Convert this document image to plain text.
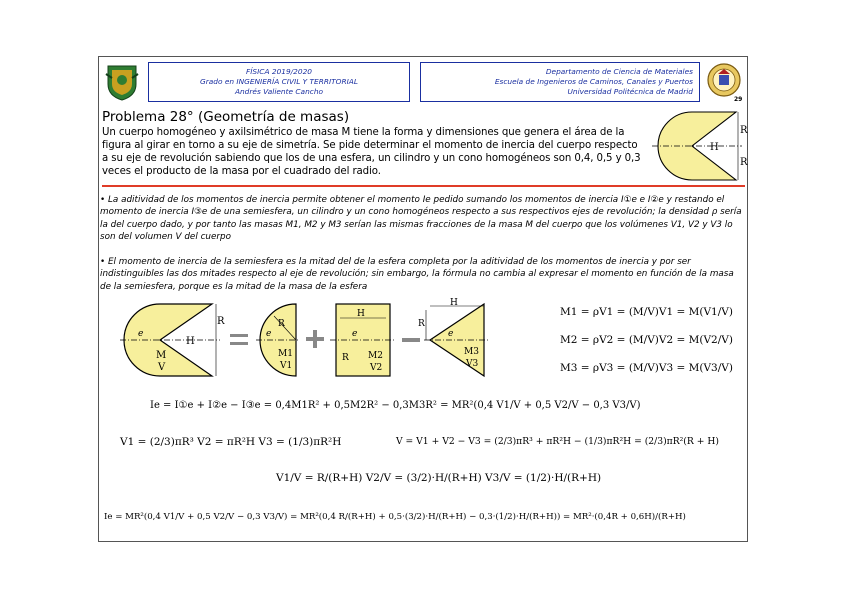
FÍSICA 2019/2020
Grado en INGENIERÍA CIVIL Y TERRITORIAL
Andrés Valiente Cancho
Departamento de Ciencia de Materiales
Escuela de Ingenieros de Caminos, Canales y Puertos
Universidad Politécnica de Madrid
29
Problema 28° (Geometría de masas)
Un cuerpo homogéneo y axilsimétrico de masa M tiene la forma y dimensiones que genera el área de la figura al girar en torno a su eje de simetría. Se pide determinar el momento de inercia del cuerpo respecto a su eje de revolución sabiendo que los de una esfera, un cilindro y un cono homogéneos son 0,4, 0,5 y 0,3 veces el producto de la masa por el cuadrado del radio.
R
R
H
• La aditividad de los momentos de inercia permite obtener el momento Ie pedido sumando los momentos de inercia I①e e I②e y restando el momento de inercia I③e de una semiesfera, un cilindro y un cono homogéneos respecto a sus respectivos ejes de revolución; la densidad ρ sería la del cuerpo dado, y por tanto las masas M1, M2 y M3 serían las mismas fracciones de la masa M del cuerpo que los volúmenes V1, V2 y V3 lo son del volumen V del cuerpo
• El momento de inercia de la semiesfera es la mitad del de la esfera completa por la aditividad de los momentos de inercia y por ser indistinguibles las dos mitades respecto al eje de revolución; sin embargo, la fórmula no cambia al expresar el momento en función de la masa de la semiesfera, porque es la mitad de la masa de la esfera
R
H
e
M
V
R
e
M1
V1
H
R
e
M2
V2
H
R
e
M3
V3
M1 = ρV1 = (M/V)V1 = M(V1/V)
M2 = ρV2 = (M/V)V2 = M(V2/V)
M3 = ρV3 = (M/V)V3 = M(V3/V)
Ie = I①e + I②e − I③e = 0,4M1R² + 0,5M2R² − 0,3M3R² = MR²(0,4 V1/V + 0,5 V2/V − 0,3 V3/V)
V1 = (2/3)πR³ V2 = πR²H V3 = (1/3)πR²H	V = V1 + V2 − V3 = (2/3)πR³ + πR²H − (1/3)πR²H = (2/3)πR²(R + H)
V1/V = R/(R+H) V2/V = (3/2)·H/(R+H) V3/V = (1/2)·H/(R+H)
Ie = MR²(0,4 V1/V + 0,5 V2/V − 0,3 V3/V) = MR²(0,4 R/(R+H) + 0,5·(3/2)·H/(R+H) − 0,3·(1/2)·H/(R+H)) = MR²·(0,4R + 0,6H)/(R+H)
